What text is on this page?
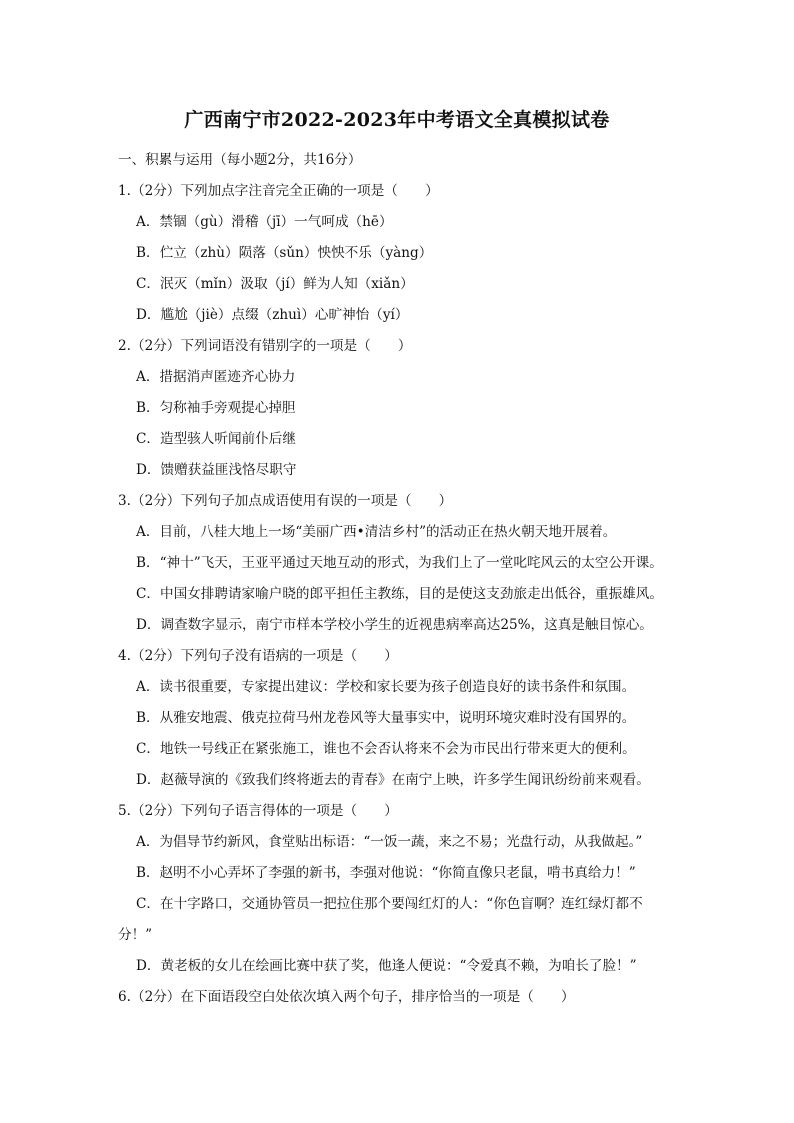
广西南宁市2022-2023年中考语文全真模拟试卷
一、积累与运用（每小题2分，共16分）
1.（2分）下列加点字注音完全正确的一项是（　　）
A．禁锢（gù）滑稽（jī）一气呵成（hē）
B．伫立（zhù）陨落（sǔn）怏怏不乐（yàng）
C．泯灭（mǐn）汲取（jí）鲜为人知（xiǎn）
D．尴尬（jiè）点缀（zhuì）心旷神怡（yí）
2.（2分）下列词语没有错别字的一项是（　　）
A．措据消声匿迹齐心协力
B．匀称袖手旁观提心掉胆
C．造型骇人听闻前仆后继
D．馈赠获益匪浅恪尽职守
3.（2分）下列句子加点成语使用有误的一项是（　　）
A．目前，八桂大地上一场“美丽广西•清洁乡村”的活动正在热火朝天地开展着。
B．“神十”飞天，王亚平通过天地互动的形式，为我们上了一堂叱咤风云的太空公开课。
C．中国女排聘请家喻户晓的郎平担任主教练，目的是使这支劲旅走出低谷，重振雄风。
D．调查数字显示，南宁市样本学校小学生的近视患病率高达25%，这真是触目惊心。
4.（2分）下列句子没有语病的一项是（　　）
A．读书很重要，专家提出建议：学校和家长要为孩子创造良好的读书条件和氛围。
B．从雅安地震、俄克拉荷马州龙卷风等大量事实中，说明环境灾难时没有国界的。
C．地铁一号线正在紧张施工，谁也不会否认将来不会为市民出行带来更大的便利。
D．赵薇导演的《致我们终将逝去的青春》在南宁上映，许多学生闻讯纷纷前来观看。
5.（2分）下列句子语言得体的一项是（　　）
A．为倡导节约新风，食堂贴出标语：“一饭一蔬，来之不易；光盘行动，从我做起。”
B．赵明不小心弄坏了李强的新书，李强对他说：“你简直像只老鼠，啃书真给力！”
C．在十字路口，交通协管员一把拉住那个要闯红灯的人：“你色盲啊？连红绿灯都不
分！”
D．黄老板的女儿在绘画比赛中获了奖，他逢人便说：“令爱真不赖，为咱长了脸！”
6.（2分）在下面语段空白处依次填入两个句子，排序恰当的一项是（　　）
